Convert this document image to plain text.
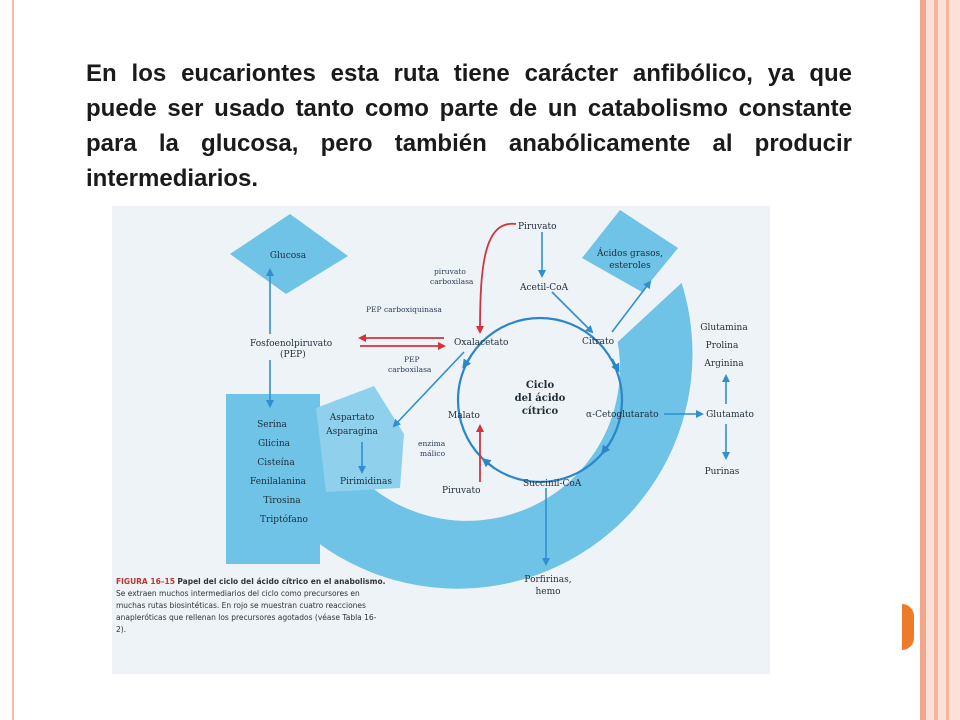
En los eucariontes esta ruta tiene carácter anfibólico, ya que puede ser usado tanto como parte de un catabolismo constante para la glucosa, pero también anabólicamente al producir intermediarios.

Ciclo
del ácido
cítrico
Piruvato
Acetil-CoA
Citrato
α-Cetoglutarato
Succinil-CoA
Piruvato
Malato
Oxalacetato
Fosfoenolpiruvato
(PEP)
piruvato
carboxilasa
PEP carboxiquinasa
PEP
carboxilasa
enzima
málico
Glucosa	Ácidos grasos,
esteroles
Glutamina
Prolina
Arginina
Glutamato
Purinas
Porfirinas,
hemo
Aspartato
Asparagina
Pirimidinas
Serina
Glicina
Cisteína
Fenilalanina
Tirosina
Triptófano

FIGURA 16–15 Papel del ciclo del ácido cítrico en el anabolismo. Se extraen muchos intermediarios del ciclo como precursores en muchas rutas biosintéticas. En rojo se muestran cuatro reacciones anapleróticas que rellenan los precursores agotados (véase Tabla 16-2).
